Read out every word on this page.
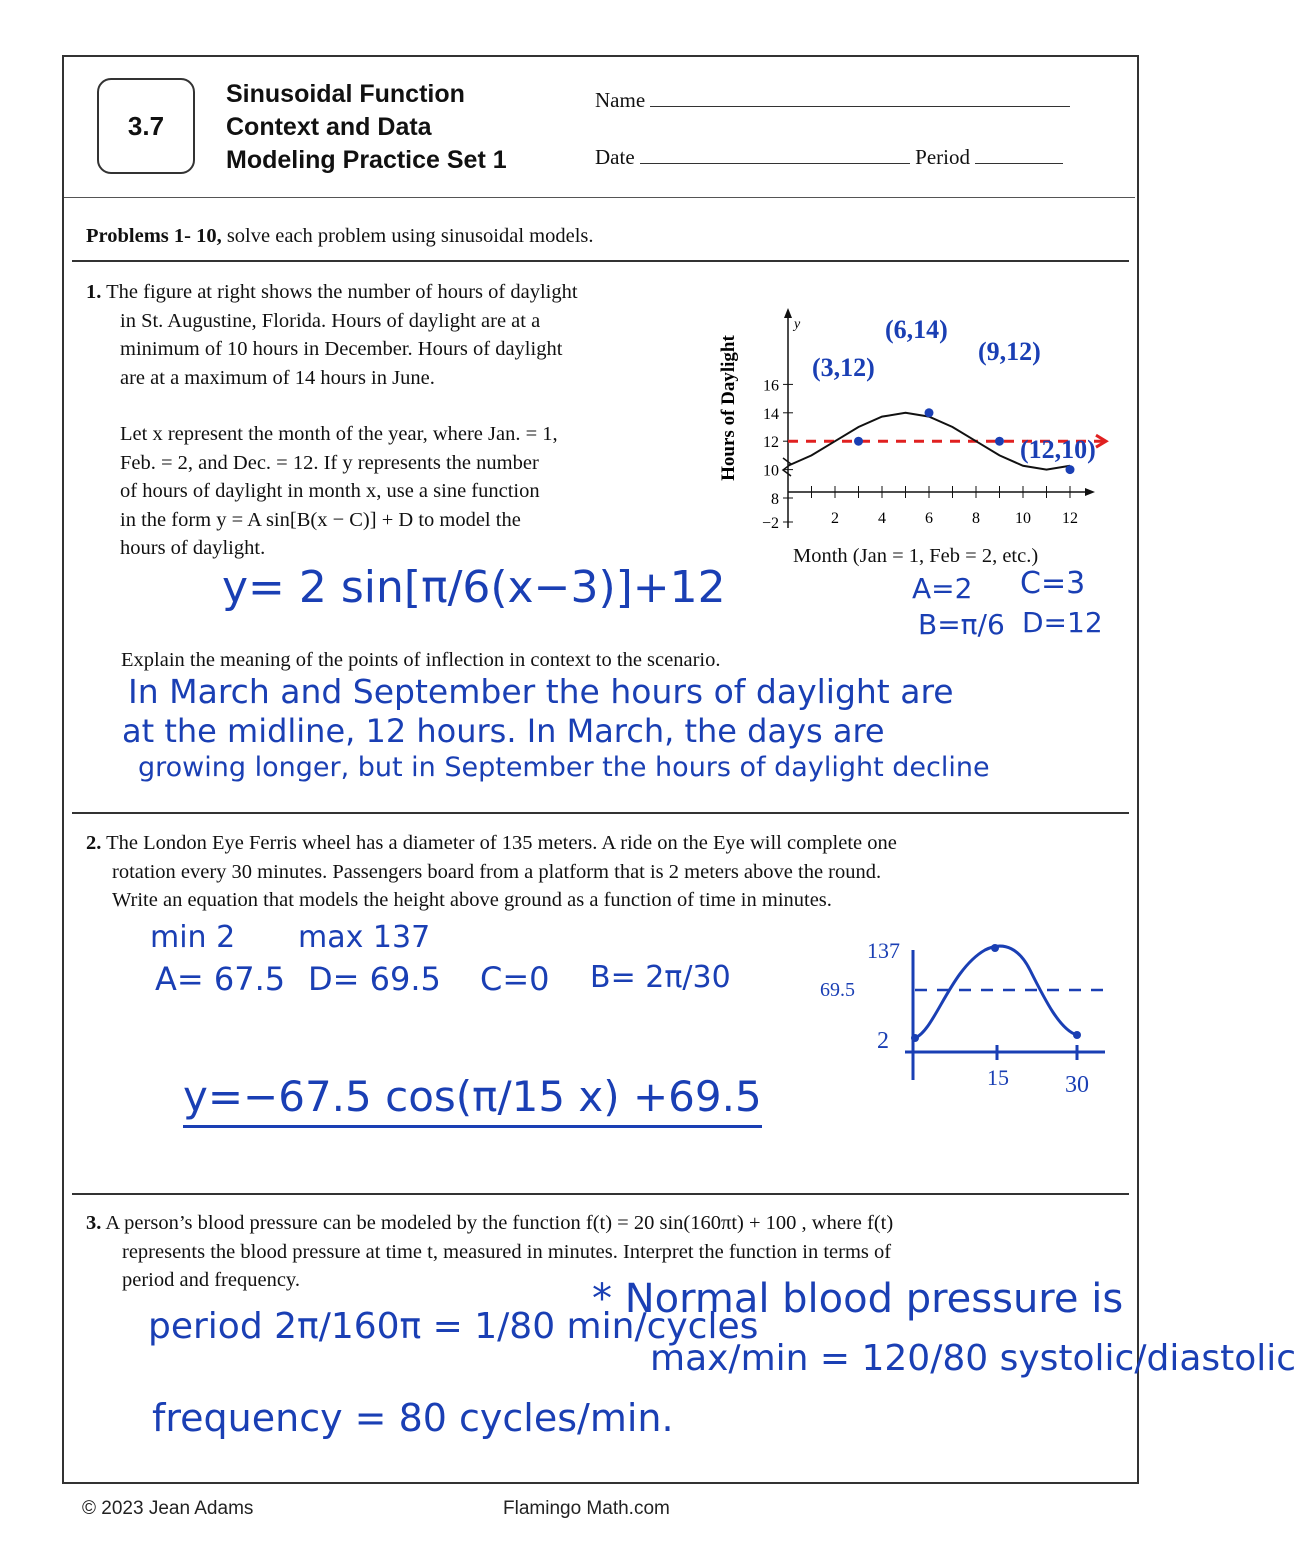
3.7
Sinusoidal Function
Context and Data
Modeling Practice Set 1
Name
Date	Period
Problems 1- 10, solve each problem using sinusoidal models.
1. The figure at right shows the number of hours of daylight
in St. Augustine, Florida. Hours of daylight are at a
minimum of 10 hours in December. Hours of daylight
are at a maximum of 14 hours in June.
Let x represent the month of the year, where Jan. = 1,
Feb. = 2, and Dec. = 12. If y represents the number
of hours of daylight in month x, use a sine function
in the form y = A sin[B(x − C)] + D to model the
hours of daylight.
16
14
12
10
8
−2
y
2 4 6 8 10 12
Hours of Daylight	(3,12)
(6,14)
(9,12)
(12,10)
Month (Jan = 1, Feb = 2, etc.)
y= 2 sin[π/6(x−3)]+12	A=2 C=3
B=π/6 D=12
Explain the meaning of the points of inflection in context to the scenario.
In March and September the hours of daylight are
at the midline, 12 hours. In March, the days are
growing longer, but in September the hours of daylight decline
2. The London Eye Ferris wheel has a diameter of 135 meters. A ride on the Eye will complete one
rotation every 30 minutes. Passengers board from a platform that is 2 meters above the round.
Write an equation that models the height above ground as a function of time in minutes.
min 2 max 137
A= 67.5 D= 69.5 C=0 B= 2π/30
137
69.5
2
15 30
y=−67.5 cos(π/15 x) +69.5
3. A person’s blood pressure can be modeled by the function f(t) = 20 sin(160πt) + 100 , where f(t)
represents the blood pressure at time t, measured in minutes. Interpret the function in terms of
period and frequency.
period 2π/160π = 1/80 min/cycles
frequency = 80 cycles/min.
* Normal blood pressure is
max/min = 120/80 systolic/diastolic
© 2023 Jean Adams	Flamingo Math.com
